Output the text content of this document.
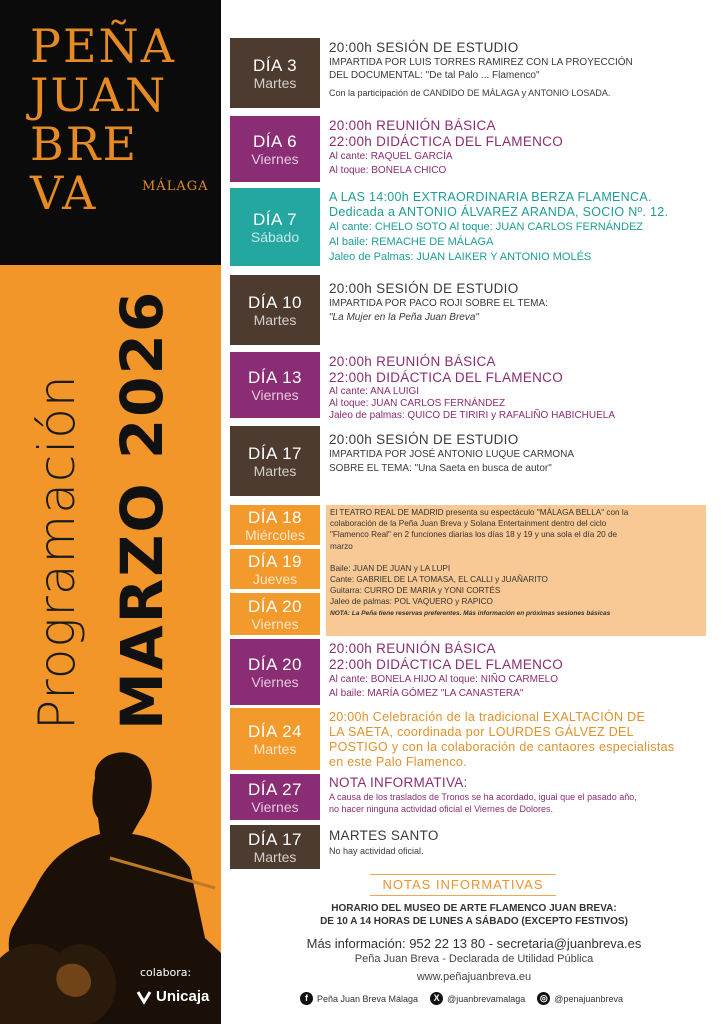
PEÑA
JUAN
BRE
VA	MÁLAGA
Programación MARZO 2026
colabora:
Unicaja
DÍA 3
Martes
20:00h SESIÓN DE ESTUDIO
IMPARTIDA POR LUIS TORRES RAMIREZ CON LA PROYECCIÓN
DEL DOCUMENTAL: "De tal Palo ... Flamenco"
Con la participación de CANDIDO DE MÁLAGA y ANTONIO LOSADA.
DÍA 6
Viernes
20:00h REUNIÓN BÁSICA
22:00h DIDÁCTICA DEL FLAMENCO
Al cante: RAQUEL GARCÍA
Al toque: BONELA CHICO
DÍA 7
Sábado
A LAS 14:00h EXTRAORDINARIA BERZA FLAMENCA.
Dedicada a ANTONIO ÁLVAREZ ARANDA, SOCIO Nº. 12.
Al cante: CHELO SOTO Al toque: JUAN CARLOS FERNÁNDEZ
Al baile: REMACHE DE MÁLAGA
Jaleo de Palmas: JUAN LAIKER Y ANTONIO MOLÉS
DÍA 10
Martes
20:00h SESIÓN DE ESTUDIO
IMPARTIDA POR PACO ROJI SOBRE EL TEMA:
"La Mujer en la Peña Juan Breva"
DÍA 13
Viernes
20:00h REUNIÓN BÁSICA
22:00h DIDÁCTICA DEL FLAMENCO
Al cante: ANA LUIGI
Al toque: JUAN CARLOS FERNÁNDEZ
Jaleo de palmas: QUICO DE TIRIRI y RAFALIÑO HABICHUELA
DÍA 17
Martes
20:00h SESIÓN DE ESTUDIO
IMPARTIDA POR JOSÉ ANTONIO LUQUE CARMONA
SOBRE EL TEMA: "Una Saeta en busca de autor"
DÍA 18
Miércoles
DÍA 19
Jueves
DÍA 20
Viernes
El TEATRO REAL DE MADRID presenta su espectáculo "MÁLAGA BELLA" con la
colaboración de la Peña Juan Breva y Solana Entertainment dentro del ciclo
"Flamenco Real" en 2 funciones diarias los días 18 y 19 y una sola el día 20 de
marzo
Baile: JUAN DE JUAN y LA LUPI
Cante: GABRIEL DE LA TOMASA, EL CALLI y JUAÑARITO
Guitarra: CURRO DE MARIA y YONI CORTÉS
Jaleo de palmas: POL VAQUERO y RAPICO
NOTA: La Peña tiene reservas preferentes. Más información en próximas sesiones básicas
DÍA 20
Viernes
20:00h REUNIÓN BÁSICA
22:00h DIDÁCTICA DEL FLAMENCO
Al cante: BONELA HIJO Al toque: NIÑO CARMELO
Al baile: MARÍA GÓMEZ "LA CANASTERA"
DÍA 24
Martes
20:00h Celebración de la tradicional EXALTACIÓN DE
LA SAETA, coordinada por LOURDES GÁLVEZ DEL
POSTIGO y con la colaboración de cantaores especialistas
en este Palo Flamenco.
DÍA 27
Viernes
NOTA INFORMATIVA:
A causa de los traslados de Tronos se ha acordado, igual que el pasado año,
no hacer ninguna actividad oficial el Viernes de Dolores.
DÍA 17
Martes
MARTES SANTO
No hay actividad oficial.
NOTAS INFORMATIVAS
HORARIO DEL MUSEO DE ARTE FLAMENCO JUAN BREVA:
DE 10 A 14 HORAS DE LUNES A SÁBADO (EXCEPTO FESTIVOS)
Más información: 952 22 13 80 - secretaria@juanbreva.es
Peña Juan Breva - Declarada de Utilidad Pública
www.peñajuanbreva.eu
f	Peña Juan Breva Málaga	X @juanbrevamalaga ◎ @penajuanbreva
